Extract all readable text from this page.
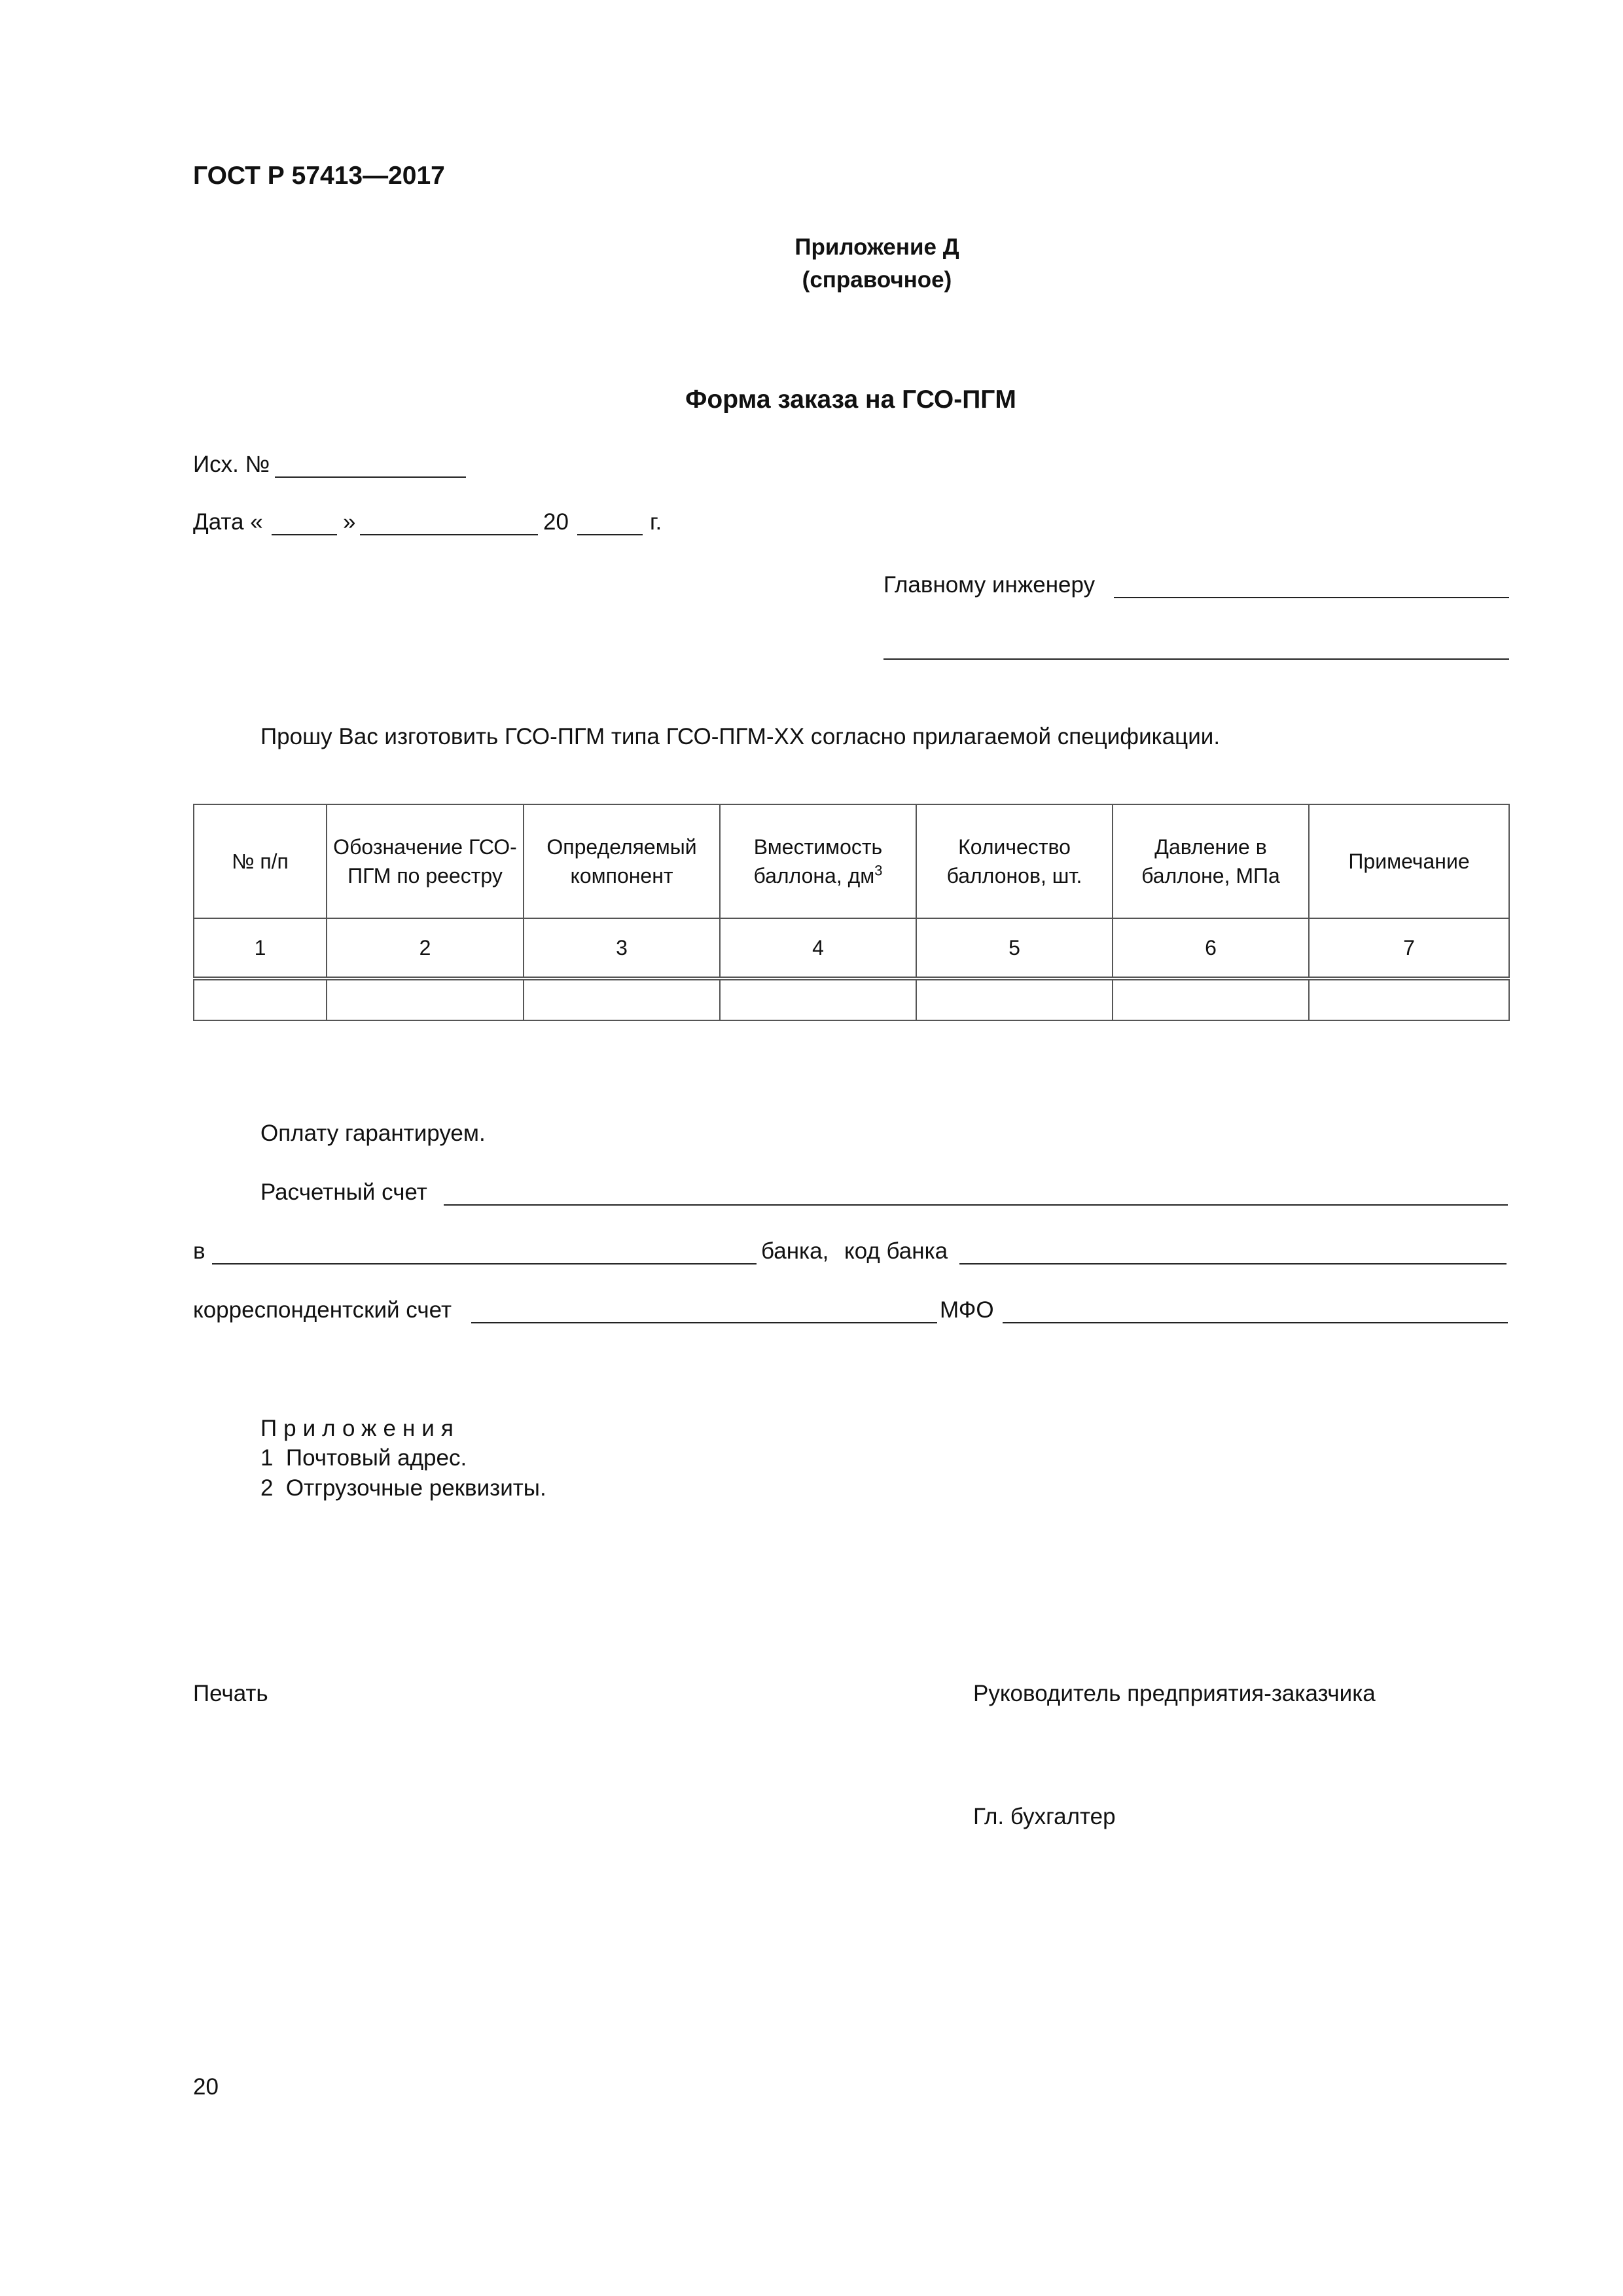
ГОСТ Р 57413—2017
Приложение Д
(справочное)
Форма заказа на ГСО-ПГМ
Исх. №
Дата «	»	20	г.
Главному инженеру
Прошу Вас изготовить ГСО-ПГМ типа ГСО-ПГМ-ХХ согласно прилагаемой спецификации.
№ п/п	Обозначение ГСО-ПГМ по реестру	Определяемый компонент	Вместимость баллона, $дм^3$	Количество баллонов, шт.	Давление в баллоне, МПа	Примечание
1	2	3	4	5	6	7

Оплату гарантируем.
Расчетный счет
в	банка, код банка
корреспондентский счет	МФО
Приложения
1  Почтовый адрес.
2  Отгрузочные реквизиты.
Печать	Руководитель предприятия-заказчика
Гл. бухгалтер
20
